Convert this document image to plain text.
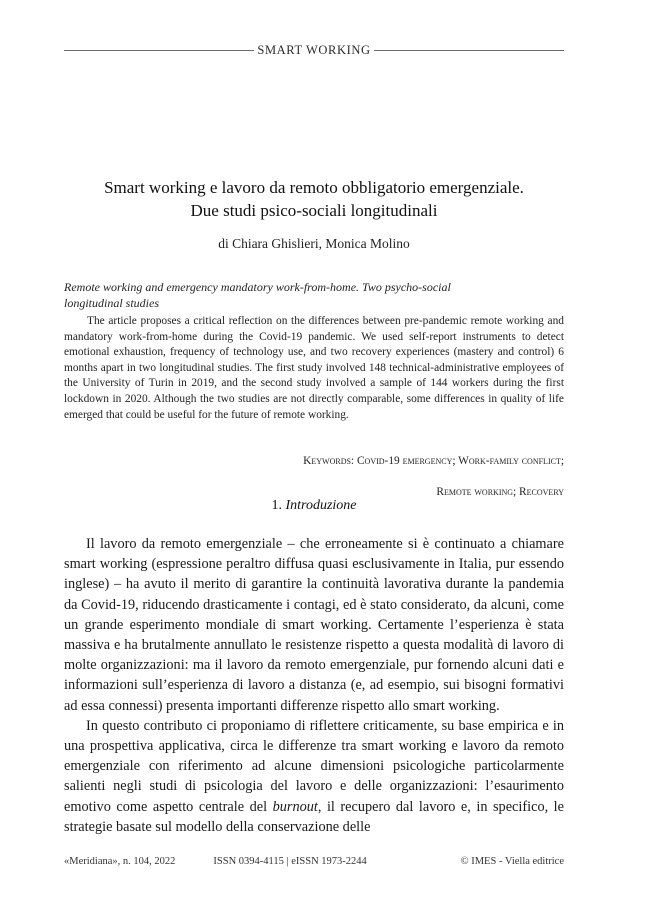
SMART WORKING
Smart working e lavoro da remoto obbligatorio emergenziale.
Due studi psico-sociali longitudinali
di Chiara Ghislieri, Monica Molino
Remote working and emergency mandatory work-from-home. Two psycho-social longitudinal studies

The article proposes a critical reflection on the differences between pre-pandemic remote working and mandatory work-from-home during the Covid-19 pandemic. We used self-report instruments to detect emotional exhaustion, frequency of technology use, and two recovery experiences (mastery and control) 6 months apart in two longitudinal studies. The first study involved 148 technical-administrative employees of the University of Turin in 2019, and the second study involved a sample of 144 workers during the first lockdown in 2020. Although the two studies are not directly comparable, some differences in quality of life emerged that could be useful for the future of remote working.

Keywords: Covid-19 emergency; Work-family conflict;

Remote working; Recovery

1. Introduzione

Il lavoro da remoto emergenziale – che erroneamente si è continuato a chiamare smart working (espressione peraltro diffusa quasi esclusivamente in Italia, pur essendo inglese) – ha avuto il merito di garantire la continuità lavorativa durante la pandemia da Covid-19, riducendo drasticamente i contagi, ed è stato considerato, da alcuni, come un grande esperimento mondiale di smart working. Certamente l’esperienza è stata massiva e ha brutalmente annullato le resistenze rispetto a questa modalità di lavoro di molte organizzazioni: ma il lavoro da remoto emergenziale, pur fornendo alcuni dati e informazioni sull’esperienza di lavoro a distanza (e, ad esempio, sui bisogni formativi ad essa connessi) presenta importanti differenze rispetto allo smart working.

In questo contributo ci proponiamo di riflettere criticamente, su base empirica e in una prospettiva applicativa, circa le differenze tra smart working e lavoro da remoto emergenziale con riferimento ad alcune dimensioni psicologiche particolarmente salienti negli studi di psicologia del lavoro e delle organizzazioni: l’esaurimento emotivo come aspetto centrale del burnout, il recupero dal lavoro e, in specifico, le strategie basate sul modello della conservazione delle

«Meridiana», n. 104, 2022	ISSN 0394-4115 | eISSN 1973-2244	© IMES - Viella editrice
